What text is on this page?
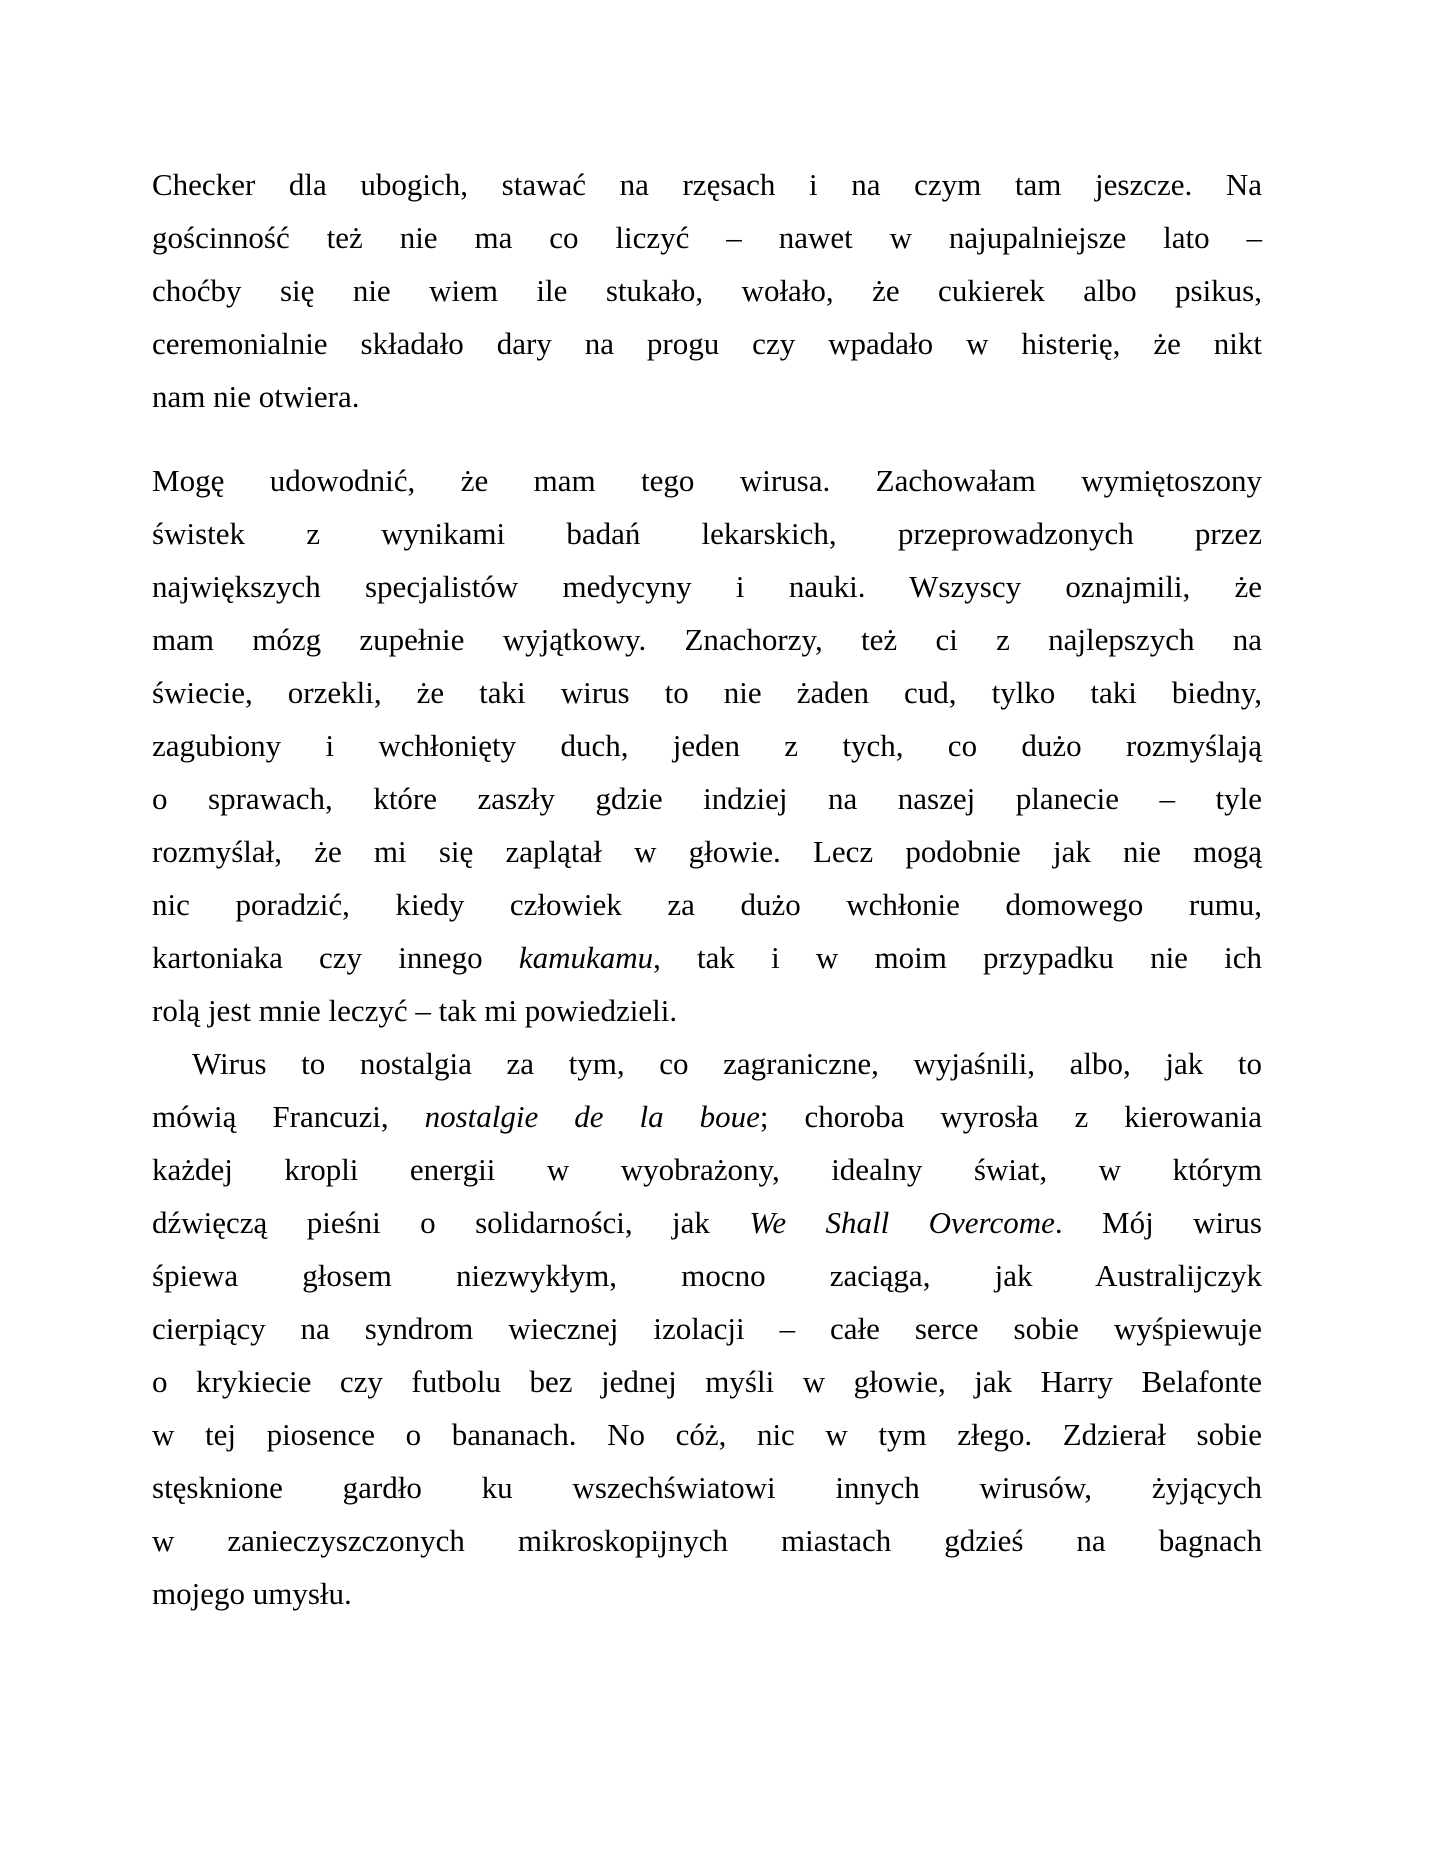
Checker dla ubogich, stawać na rzęsach i na czym tam jeszcze. Na
gościnność też nie ma co liczyć – nawet w najupalniejsze lato –
choćby się nie wiem ile stukało, wołało, że cukierek albo psikus,
ceremonialnie składało dary na progu czy wpadało w histerię, że nikt
nam nie otwiera.
Mogę udowodnić, że mam tego wirusa. Zachowałam wymiętoszony
świstek z wynikami badań lekarskich, przeprowadzonych przez
największych specjalistów medycyny i nauki. Wszyscy oznajmili, że
mam mózg zupełnie wyjątkowy. Znachorzy, też ci z najlepszych na
świecie, orzekli, że taki wirus to nie żaden cud, tylko taki biedny,
zagubiony i wchłonięty duch, jeden z tych, co dużo rozmyślają
o sprawach, które zaszły gdzie indziej na naszej planecie – tyle
rozmyślał, że mi się zaplątał w głowie. Lecz podobnie jak nie mogą
nic poradzić, kiedy człowiek za dużo wchłonie domowego rumu,
kartoniaka czy innego kamukamu, tak i w moim przypadku nie ich
rolą jest mnie leczyć – tak mi powiedzieli.
Wirus to nostalgia za tym, co zagraniczne, wyjaśnili, albo, jak to
mówią Francuzi, nostalgie de la boue; choroba wyrosła z kierowania
każdej kropli energii w wyobrażony, idealny świat, w którym
dźwięczą pieśni o solidarności, jak We Shall Overcome. Mój wirus
śpiewa głosem niezwykłym, mocno zaciąga, jak Australijczyk
cierpiący na syndrom wiecznej izolacji – całe serce sobie wyśpiewuje
o krykiecie czy futbolu bez jednej myśli w głowie, jak Harry Belafonte
w tej piosence o bananach. No cóż, nic w tym złego. Zdzierał sobie
stęsknione gardło ku wszechświatowi innych wirusów, żyjących
w zanieczyszczonych mikroskopijnych miastach gdzieś na bagnach
mojego umysłu.
